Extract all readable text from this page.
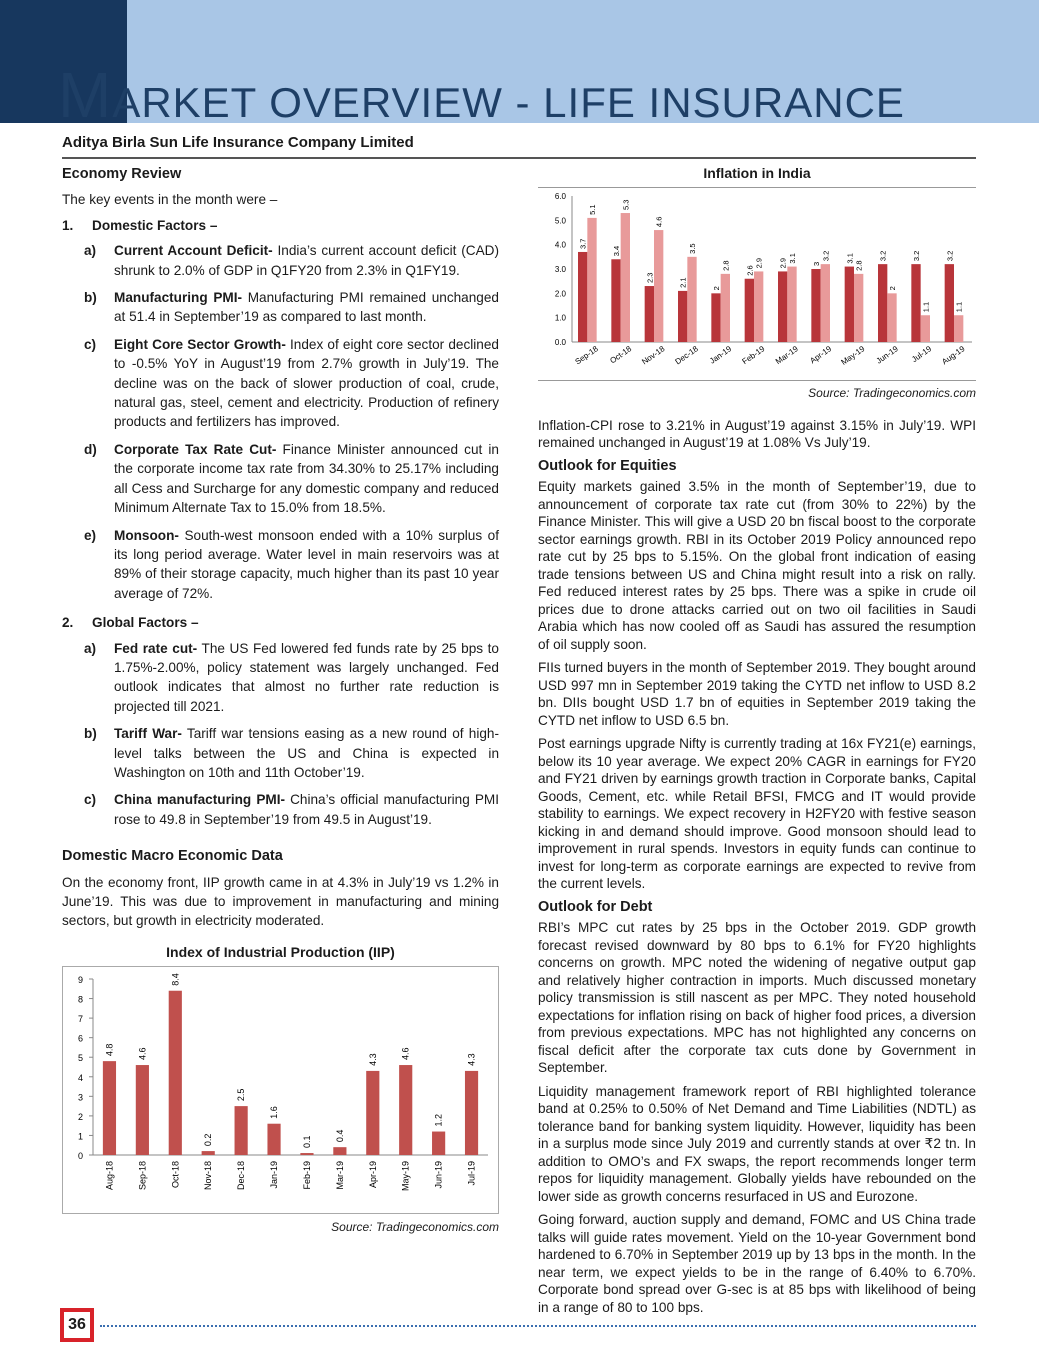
MARKET OVERVIEW - LIFE INSURANCE
Aditya Birla Sun Life Insurance Company Limited
Economy Review

The key events in the month were –

1.	Domestic Factors –
a)	Current Account Deficit- India’s current account deficit (CAD) shrunk to 2.0% of GDP in Q1FY20 from 2.3% in Q1FY19.
b)	Manufacturing PMI- Manufacturing PMI remained unchanged at 51.4 in September’19 as compared to last month.
c)	Eight Core Sector Growth- Index of eight core sector declined to -0.5% YoY in August’19 from 2.7% growth in July’19. The decline was on the back of slower production of coal, crude, natural gas, steel, cement and electricity. Production of refinery products and fertilizers has improved.
d)	Corporate Tax Rate Cut- Finance Minister announced cut in the corporate income tax rate from 34.30% to 25.17% including all Cess and Surcharge for any domestic company and reduced Minimum Alternate Tax to 15.0% from 18.5%.
e)	Monsoon- South-west monsoon ended with a 10% surplus of its long period average. Water level in main reservoirs was at 89% of their storage capacity, much higher than its past 10 year average of 72%.
2.	Global Factors –
a)	Fed rate cut- The US Fed lowered fed funds rate by 25 bps to 1.75%-2.00%, policy statement was largely unchanged. Fed outlook indicates that almost no further rate reduction is projected till 2021.
b)	Tariff War- Tariff war tensions easing as a new round of high-level talks between the US and China is expected in Washington on 10th and 11th October’19.
c)	China manufacturing PMI- China’s official manufacturing PMI rose to 49.8 in September’19 from 49.5 in August’19.
Domestic Macro Economic Data

On the economy front, IIP growth came in at 4.3% in July’19 vs 1.2% in June’19. This was due to improvement in manufacturing and mining sectors, but growth in electricity moderated.

Index of Industrial Production (IIP)
0
1
2
3
4
5
6
7
8
9
4.8
Aug-18
4.6
Sep-18
8.4
Oct-18
0.2
Nov-18
2.5
Dec-18
1.6
Jan-19
0.1
Feb-19
0.4
Mar-19
4.3
Apr-19
4.6
May-19
1.2
Jun-19
4.3
Jul-19
Source: Tradingeconomics.com
Inflation in India
0.0
1.0
2.0
3.0
4.0
5.0
6.0
3.7
3.4
2.3	2.1
2
2.6
2.9	3
3.1	3.2	3.2	3.2
5.1	5.3
4.6
3.5
2.8	2.9	3.1	3.2
2.8
2
1.1	1.1
Sep-18 Oct-18 Nov-18 Dec-18 Jan-19 Feb-19 Mar-19 Apr-19 May-19 Jun-19 Jul-19 Aug-19
Source: Tradingeconomics.com

Inflation-CPI rose to 3.21% in August’19 against 3.15% in July’19. WPI remained unchanged in August’19 at 1.08% Vs July’19.

Outlook for Equities

Equity markets gained 3.5% in the month of September’19, due to announcement of corporate tax rate cut (from 30% to 22%) by the Finance Minister. This will give a USD 20 bn fiscal boost to the corporate sector earnings growth. RBI in its October 2019 Policy announced repo rate cut by 25 bps to 5.15%. On the global front indication of easing trade tensions between US and China might result into a risk on rally. Fed reduced interest rates by 25 bps. There was a spike in crude oil prices due to drone attacks carried out on two oil facilities in Saudi Arabia which has now cooled off as Saudi has assured the resumption of oil supply soon.

FIIs turned buyers in the month of September 2019. They bought around USD 997 mn in September 2019 taking the CYTD net inflow to USD 8.2 bn. DIIs bought USD 1.7 bn of equities in September 2019 taking the CYTD net inflow to USD 6.5 bn.

Post earnings upgrade Nifty is currently trading at 16x FY21(e) earnings, below its 10 year average. We expect 20% CAGR in earnings for FY20 and FY21 driven by earnings growth traction in Corporate banks, Capital Goods, Cement, etc. while Retail BFSI, FMCG and IT would provide stability to earnings. We expect recovery in H2FY20 with festive season kicking in and demand should improve. Good monsoon should lead to improvement in rural spends. Investors in equity funds can continue to invest for long-term as corporate earnings are expected to revive from the current levels.

Outlook for Debt

RBI’s MPC cut rates by 25 bps in the October 2019. GDP growth forecast revised downward by 80 bps to 6.1% for FY20 highlights concerns on growth. MPC noted the widening of negative output gap and relatively higher contraction in imports. Much discussed monetary policy transmission is still nascent as per MPC. They noted household expectations for inflation rising on back of higher food prices, a diversion from previous expectations. MPC has not highlighted any concerns on fiscal deficit after the corporate tax cuts done by Government in September.

Liquidity management framework report of RBI highlighted tolerance band at 0.25% to 0.50% of Net Demand and Time Liabilities (NDTL) as tolerance band for banking system liquidity. However, liquidity has been in a surplus mode since July 2019 and currently stands at over ₹2 tn. In addition to OMO’s and FX swaps, the report recommends longer term repos for liquidity management. Globally yields have rebounded on the lower side as growth concerns resurfaced in US and Eurozone.

Going forward, auction supply and demand, FOMC and US China trade talks will guide rates movement. Yield on the 10-year Government bond hardened to 6.70% in September 2019 up by 13 bps in the month. In the near term, we expect yields to be in the range of 6.40% to 6.70%. Corporate bond spread over G-sec is at 85 bps with likelihood of being in a range of 80 to 100 bps.

36
